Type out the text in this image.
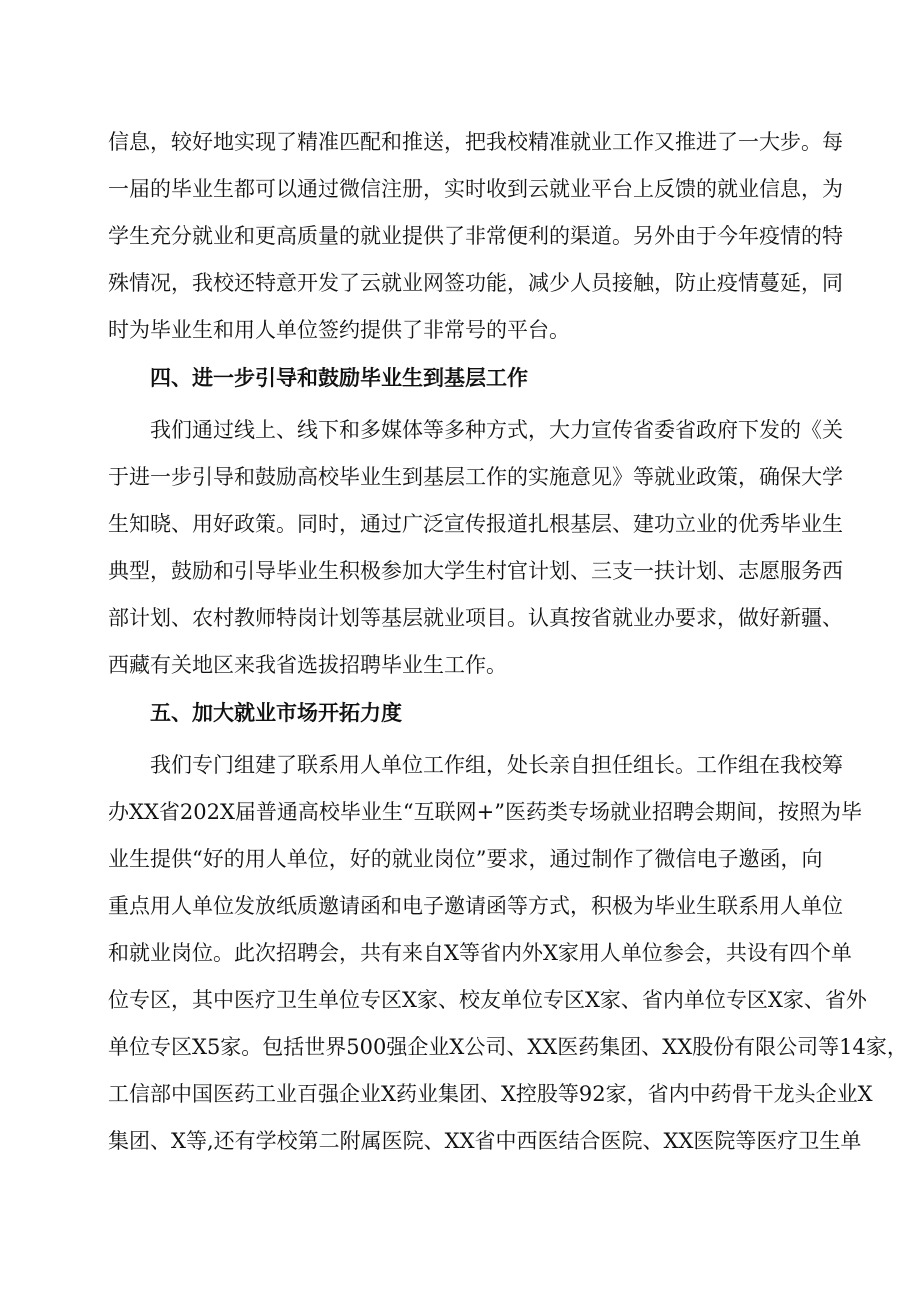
信息，较好地实现了精准匹配和推送，把我校精准就业工作又推进了一大步。每
一届的毕业生都可以通过微信注册，实时收到云就业平台上反馈的就业信息，为
学生充分就业和更高质量的就业提供了非常便利的渠道。另外由于今年疫情的特
殊情况，我校还特意开发了云就业网签功能，减少人员接触，防止疫情蔓延，同
时为毕业生和用人单位签约提供了非常号的平台。
四、进一步引导和鼓励毕业生到基层工作
我们通过线上、线下和多媒体等多种方式，大力宣传省委省政府下发的《关
于进一步引导和鼓励高校毕业生到基层工作的实施意见》等就业政策，确保大学
生知晓、用好政策。同时，通过广泛宣传报道扎根基层、建功立业的优秀毕业生
典型，鼓励和引导毕业生积极参加大学生村官计划、三支一扶计划、志愿服务西
部计划、农村教师特岗计划等基层就业项目。认真按省就业办要求，做好新疆、
西藏有关地区来我省选拔招聘毕业生工作。
五、加大就业市场开拓力度
我们专门组建了联系用人单位工作组，处长亲自担任组长。工作组在我校筹
办XX省202X届普通高校毕业生“互联网+”医药类专场就业招聘会期间，按照为毕
业生提供“好的用人单位，好的就业岗位”要求，通过制作了微信电子邀函，向
重点用人单位发放纸质邀请函和电子邀请函等方式，积极为毕业生联系用人单位
和就业岗位。此次招聘会，共有来自X等省内外X家用人单位参会，共设有四个单
位专区，其中医疗卫生单位专区X家、校友单位专区X家、省内单位专区X家、省外
单位专区X5家。包括世界500强企业X公司、XX医药集团、XX股份有限公司等14家，
工信部中国医药工业百强企业X药业集团、X控股等92家，省内中药骨干龙头企业X
集团、X等,还有学校第二附属医院、XX省中西医结合医院、XX医院等医疗卫生单
